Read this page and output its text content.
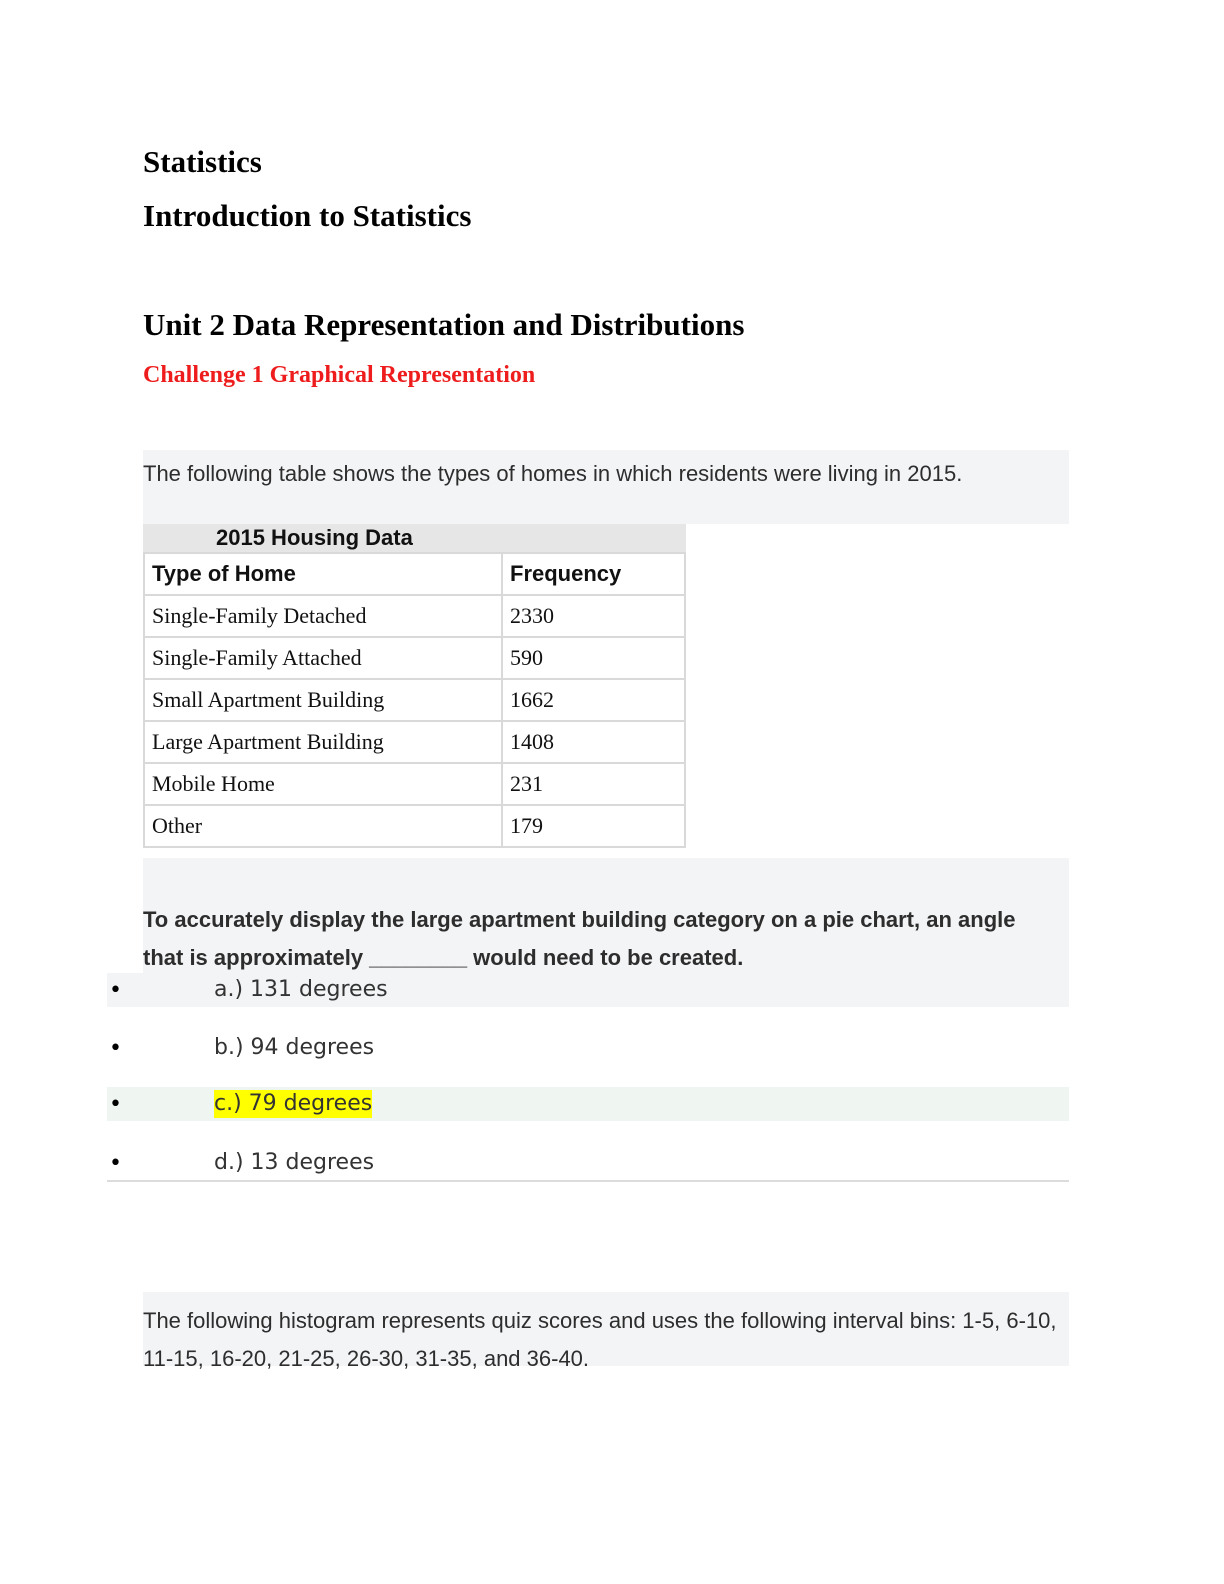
Statistics
Introduction to Statistics
Unit 2 Data Representation and Distributions
Challenge 1 Graphical Representation
The following table shows the types of homes in which residents were living in 2015.
2015 Housing Data
Type of Home	Frequency
Single-Family Detached	2330
Single-Family Attached	590
Small Apartment Building	1662
Large Apartment Building	1408
Mobile Home	231
Other	179
To accurately display the large apartment building category on a pie chart, an angle that is approximately ________ would need to be created.
•	a.) 131 degrees
•	b.) 94 degrees
•	c.) 79 degrees
•	d.) 13 degrees
The following histogram represents quiz scores and uses the following interval bins: 1-5, 6-10, 11-15, 16-20, 21-25, 26-30, 31-35, and 36-40.
